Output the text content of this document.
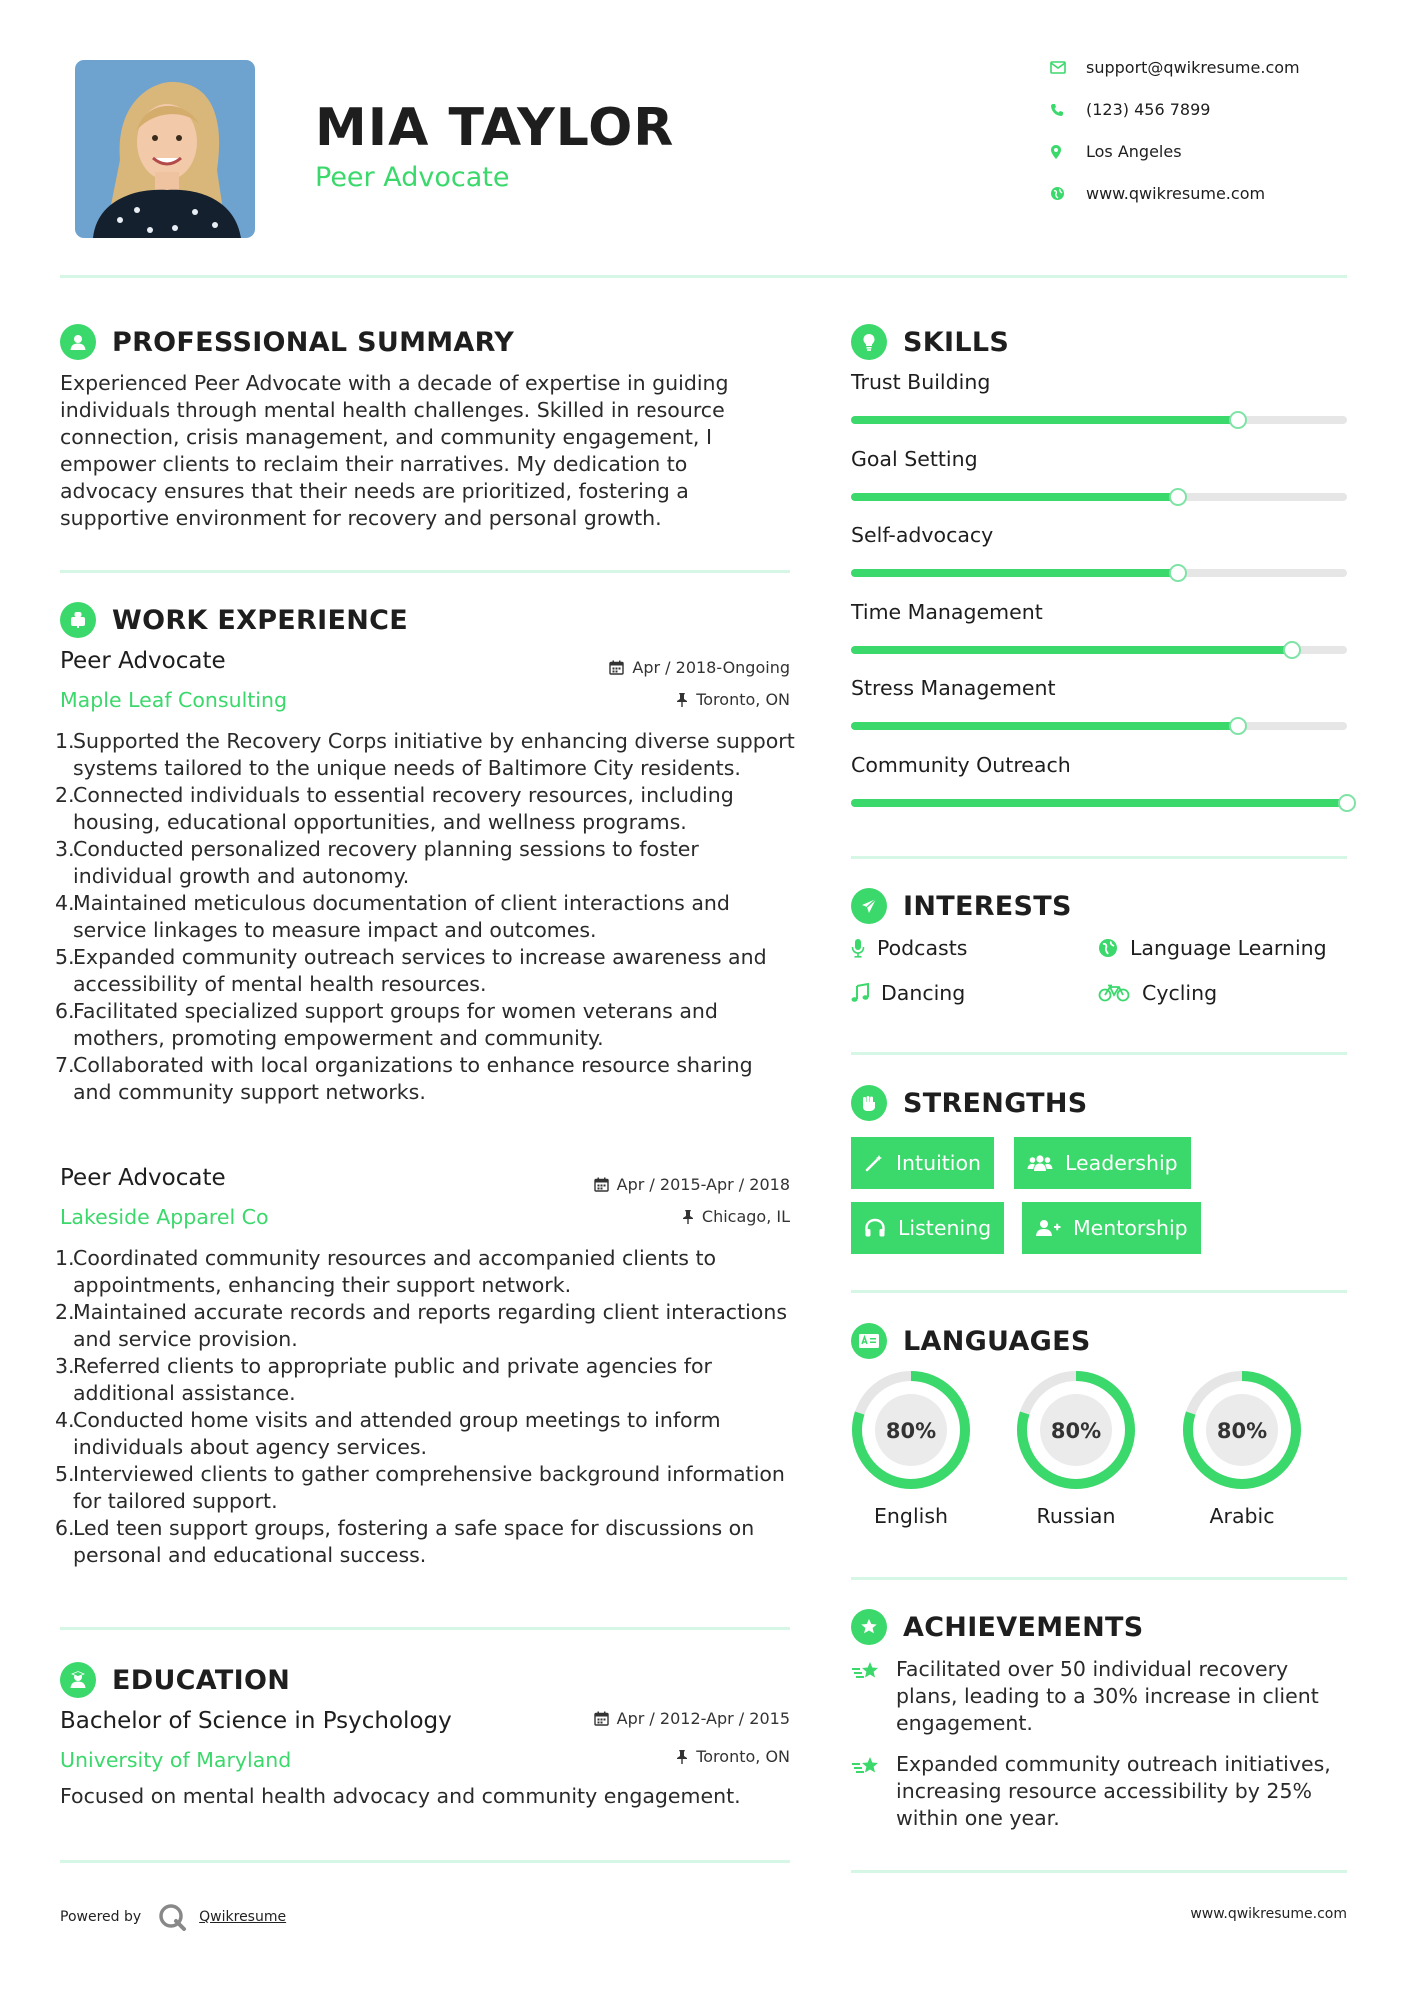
MIA TAYLOR
Peer Advocate
support@qwikresume.com
(123) 456 7899
Los Angeles
www.qwikresume.com
PROFESSIONAL SUMMARY
Experienced Peer Advocate with a decade of expertise in guiding individuals through mental health challenges. Skilled in resource connection, crisis management, and community engagement, I empower clients to reclaim their narratives. My dedication to advocacy ensures that their needs are prioritized, fostering a supportive environment for recovery and personal growth.
WORK EXPERIENCE
Peer Advocate
Maple Leaf Consulting
Apr / 2018-Ongoing
Toronto, ON
1.
Supported the Recovery Corps initiative by enhancing diverse support systems tailored to the unique needs of Baltimore City residents.
2.
Connected individuals to essential recovery resources, including housing, educational opportunities, and wellness programs.
3.
Conducted personalized recovery planning sessions to foster individual growth and autonomy.
4.
Maintained meticulous documentation of client interactions and service linkages to measure impact and outcomes.
5.
Expanded community outreach services to increase awareness and accessibility of mental health resources.
6.
Facilitated specialized support groups for women veterans and mothers, promoting empowerment and community.
7.
Collaborated with local organizations to enhance resource sharing and community support networks.
Peer Advocate
Lakeside Apparel Co
Apr / 2015-Apr / 2018
Chicago, IL
1.
Coordinated community resources and accompanied clients to appointments, enhancing their support network.
2.
Maintained accurate records and reports regarding client interactions and service provision.
3.
Referred clients to appropriate public and private agencies for additional assistance.
4.
Conducted home visits and attended group meetings to inform individuals about agency services.
5.
Interviewed clients to gather comprehensive background information for tailored support.
6.
Led teen support groups, fostering a safe space for discussions on personal and educational success.
EDUCATION
Bachelor of Science in Psychology
University of Maryland
Apr / 2012-Apr / 2015
Toronto, ON
Focused on mental health advocacy and community engagement.
SKILLS
Trust Building
Goal Setting
Self-advocacy
Time Management
Stress Management
Community Outreach
INTERESTS
Podcasts	Language Learning
Dancing	Cycling
STRENGTHS
Intuition	Leadership
Listening	Mentorship
LANGUAGES
80%
English
80%
Russian
80%
Arabic
ACHIEVEMENTS
Facilitated over 50 individual recovery plans, leading to a 30% increase in client engagement.
Expanded community outreach initiatives, increasing resource accessibility by 25% within one year.
Powered by	Qwikresume	www.qwikresume.com
